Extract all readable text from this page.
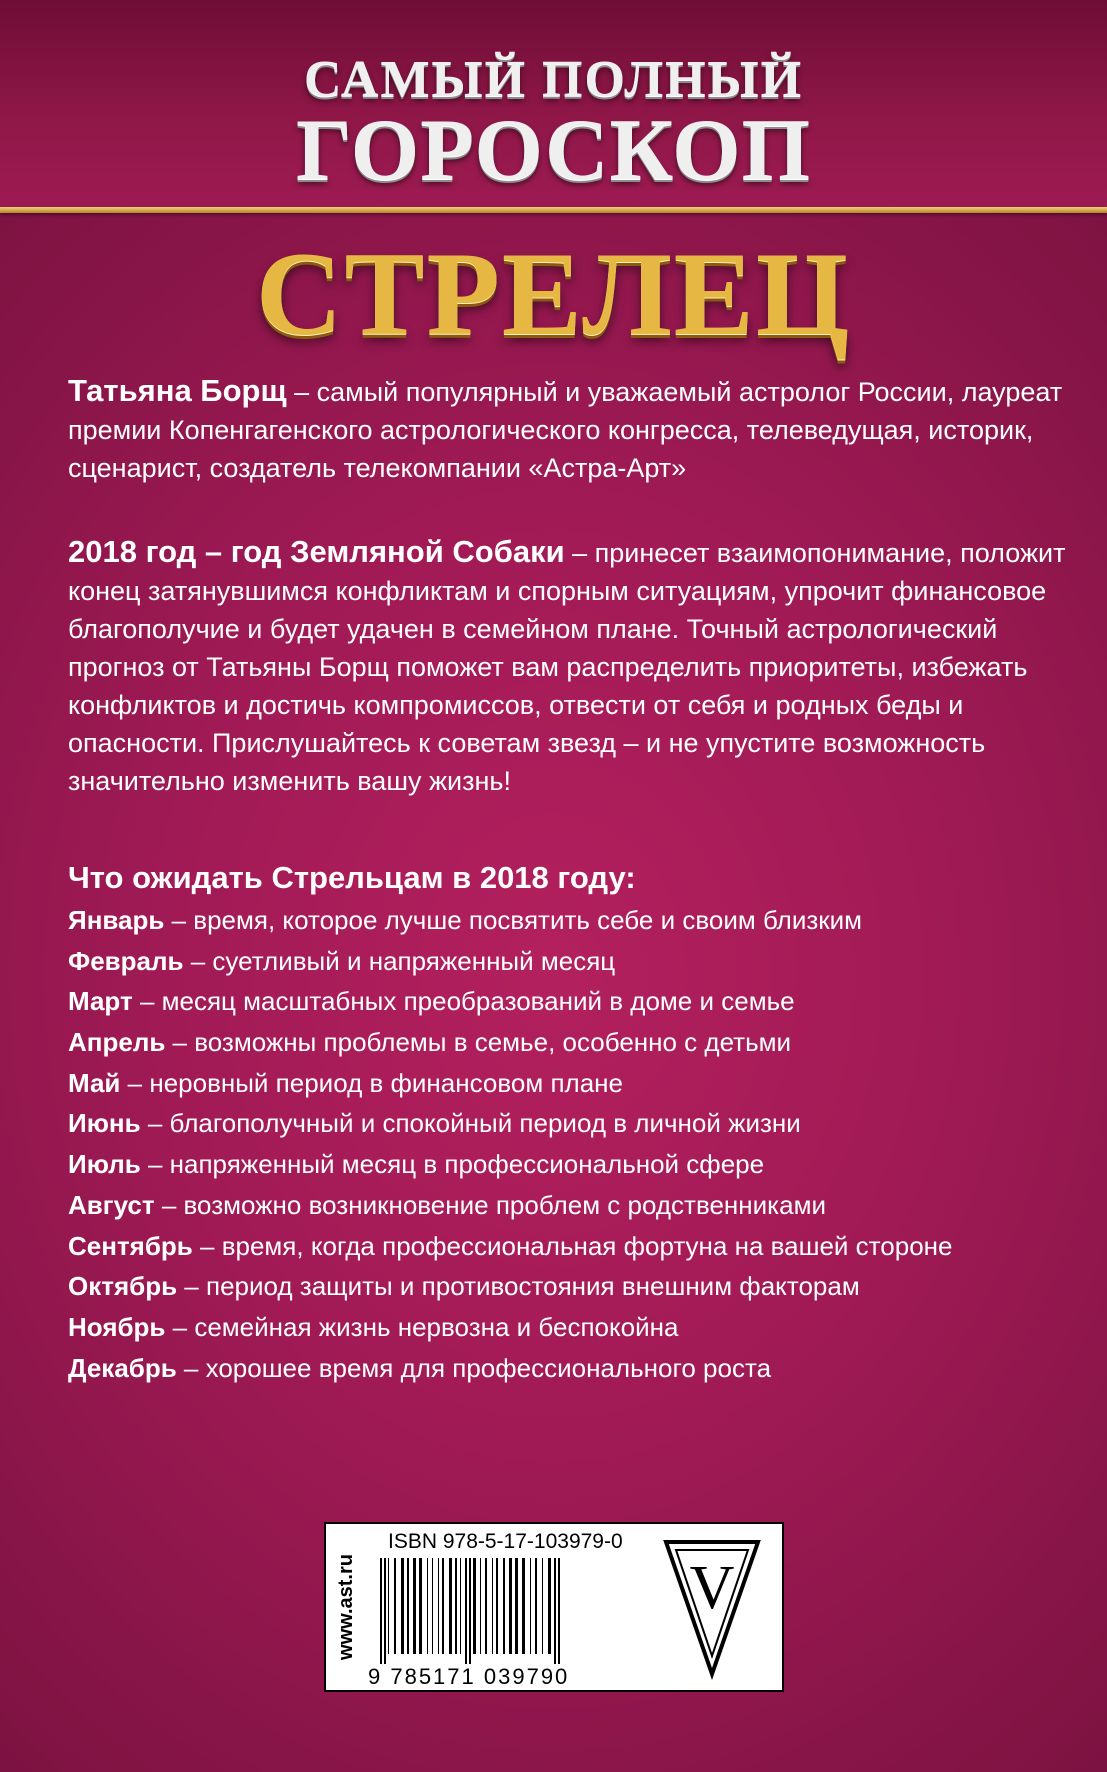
САМЫЙ ПОЛНЫЙ
ГОРОСКОП
СТРЕЛЕЦ
Татьяна Борщ – самый популярный и уважаемый астролог России, лауреат премии Копенгагенского астрологического конгресса, телеведущая, историк, сценарист, создатель телекомпании «Астра-Арт»
2018 год – год Земляной Собаки – принесет взаимопонимание, положит конец затянувшимся конфликтам и спорным ситуациям, упрочит финансовое благополучие и будет удачен в семейном плане. Точный астрологический прогноз от Татьяны Борщ поможет вам распределить приоритеты, избежать конфликтов и достичь компромиссов, отвести от себя и родных беды и опасности. Прислушайтесь к советам звезд – и не упустите возможность значительно изменить вашу жизнь!
Что ожидать Стрельцам в 2018 году:
Январь – время, которое лучше посвятить себе и своим близким
Февраль – суетливый и напряженный месяц
Март – месяц масштабных преобразований в доме и семье
Апрель – возможны проблемы в семье, особенно с детьми
Май – неровный период в финансовом плане
Июнь – благополучный и спокойный период в личной жизни
Июль – напряженный месяц в профессиональной сфере
Август – возможно возникновение проблем с родственниками
Сентябрь – время, когда профессиональная фортуна на вашей стороне
Октябрь – период защиты и противостояния внешним факторам
Ноябрь – семейная жизнь нервозна и беспокойна
Декабрь – хорошее время для профессионального роста
www.ast.ru
ISBN 978-5-17-103979-0
9 785171 039790
V
